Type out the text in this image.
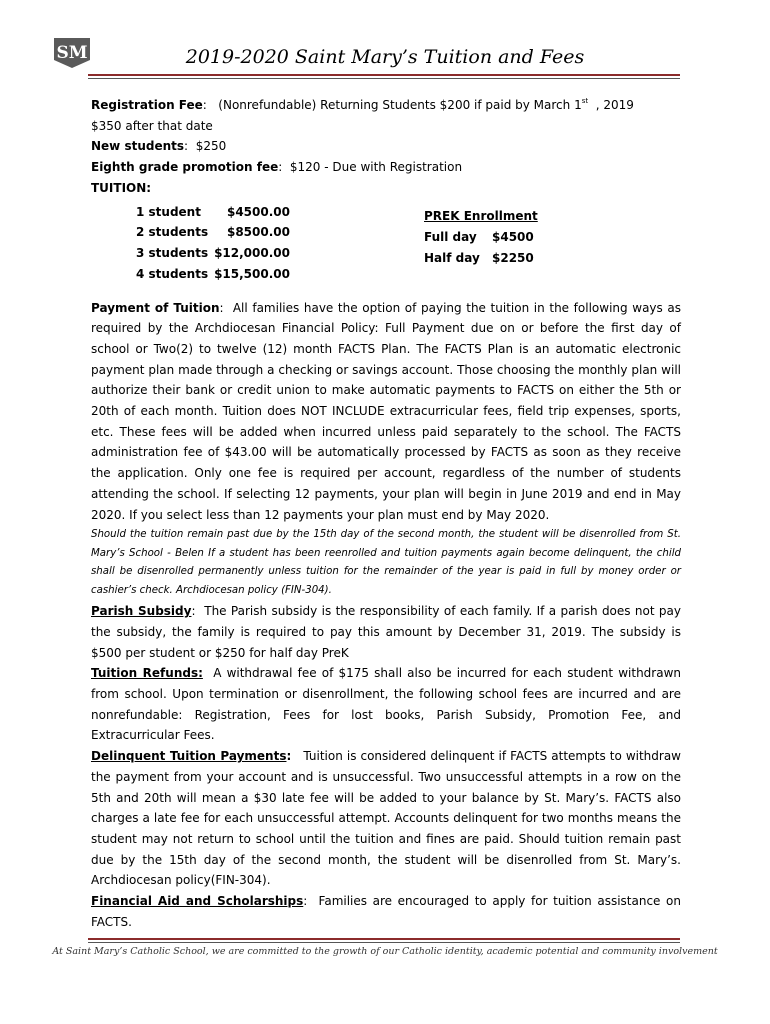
SM	2019-2020 Saint Mary’s Tuition and Fees
Registration Fee:   (Nonrefundable) Returning Students $200 if paid by March 1st , 2019
$350 after that date
New students:  $250
Eighth grade promotion fee:  $120 - Due with Registration
TUITION:
1 student $4500.00
2 students $8500.00
3 students $12,000.00
4 students $15,500.00
PREK Enrollment
Full day $4500
Half day $2250
Payment of Tuition:  All families have the option of paying the tuition in the following ways as required by the Archdiocesan Financial Policy: Full Payment due on or before the first day of school or Two(2) to twelve (12) month FACTS Plan. The FACTS Plan is an automatic electronic payment plan made through a checking or savings account. Those choosing the monthly plan will authorize their bank or credit union to make automatic payments to FACTS on either the 5th or 20th of each month. Tuition does NOT INCLUDE extracurricular fees, field trip expenses, sports, etc. These fees will be added when incurred unless paid separately to the school. The FACTS administration fee of $43.00 will be automatically processed by FACTS as soon as they receive the application. Only one fee is required per account, regardless of the number of students attending the school. If selecting 12 payments, your plan will begin in June 2019 and end in May 2020. If you select less than 12 payments your plan must end by May 2020.
Should the tuition remain past due by the 15th day of the second month, the student will be disenrolled from St. Mary’s School - Belen If a student has been reenrolled and tuition payments again become delinquent, the child shall be disenrolled permanently unless tuition for the remainder of the year is paid in full by money order or cashier’s check. Archdiocesan policy (FIN-304).
Parish Subsidy:  The Parish subsidy is the responsibility of each family. If a parish does not pay the subsidy, the family is required to pay this amount by December 31, 2019. The subsidy is $500 per student or $250 for half day PreK
Tuition Refunds: A withdrawal fee of $175 shall also be incurred for each student withdrawn from school. Upon termination or disenrollment, the following school fees are incurred and are nonrefundable: Registration, Fees for lost books, Parish Subsidy, Promotion Fee, and Extracurricular Fees.
Delinquent Tuition Payments: Tuition is considered delinquent if FACTS attempts to withdraw the payment from your account and is unsuccessful. Two unsuccessful attempts in a row on the 5th and 20th will mean a $30 late fee will be added to your balance by St. Mary’s. FACTS also charges a late fee for each unsuccessful attempt. Accounts delinquent for two months means the student may not return to school until the tuition and fines are paid. Should tuition remain past due by the 15th day of the second month, the student will be disenrolled from St. Mary’s. Archdiocesan policy(FIN-304).
Financial Aid and Scholarships:  Families are encouraged to apply for tuition assistance on FACTS.
At Saint Mary’s Catholic School, we are committed to the growth of our Catholic identity, academic potential and community involvement
